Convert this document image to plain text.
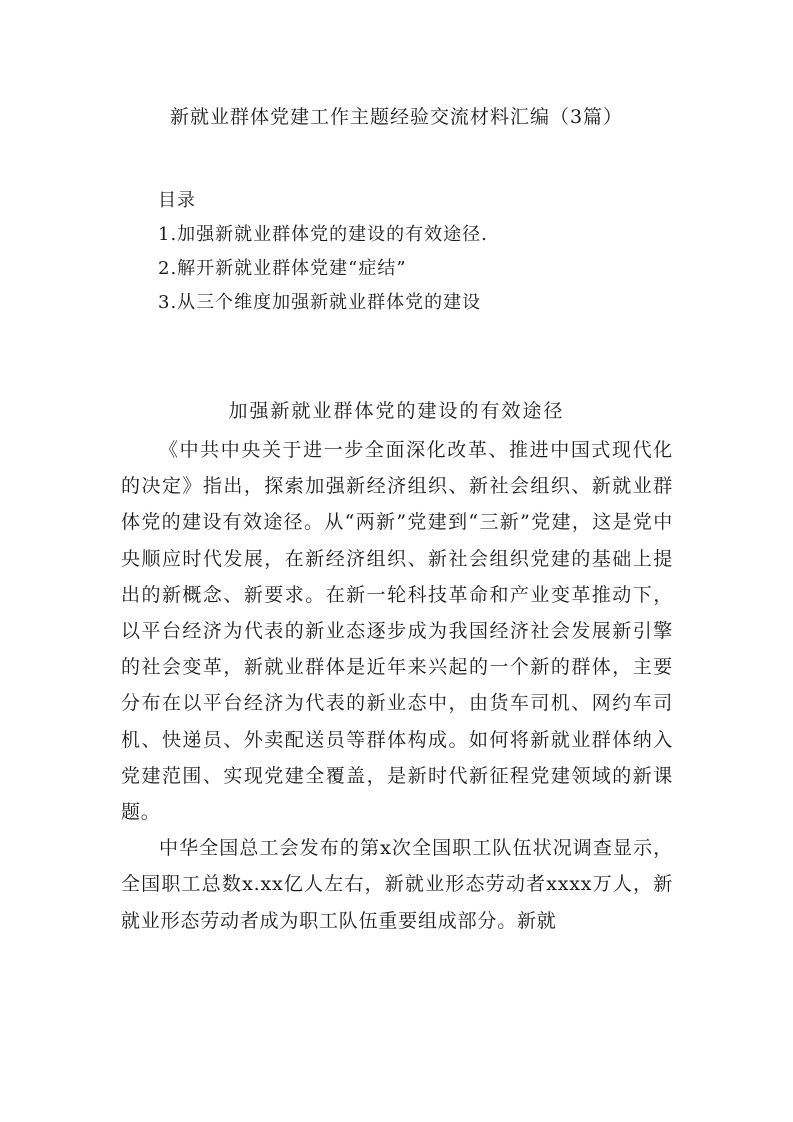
新就业群体党建工作主题经验交流材料汇编（3篇）
目录
1.加强新就业群体党的建设的有效途径.
2.解开新就业群体党建“症结”
3.从三个维度加强新就业群体党的建设
加强新就业群体党的建设的有效途径

《中共中央关于进一步全面深化改革、推进中国式现代化的决定》指出，探索加强新经济组织、新社会组织、新就业群体党的建设有效途径。从“两新”党建到“三新”党建，这是党中央顺应时代发展，在新经济组织、新社会组织党建的基础上提出的新概念、新要求。在新一轮科技革命和产业变革推动下，以平台经济为代表的新业态逐步成为我国经济社会发展新引擎的社会变革，新就业群体是近年来兴起的一个新的群体，主要分布在以平台经济为代表的新业态中，由货车司机、网约车司机、快递员、外卖配送员等群体构成。如何将新就业群体纳入党建范围、实现党建全覆盖，是新时代新征程党建领域的新课题。

中华全国总工会发布的第x次全国职工队伍状况调查显示，全国职工总数x.xx亿人左右，新就业形态劳动者xxxx万人，新就业形态劳动者成为职工队伍重要组成部分。新就
